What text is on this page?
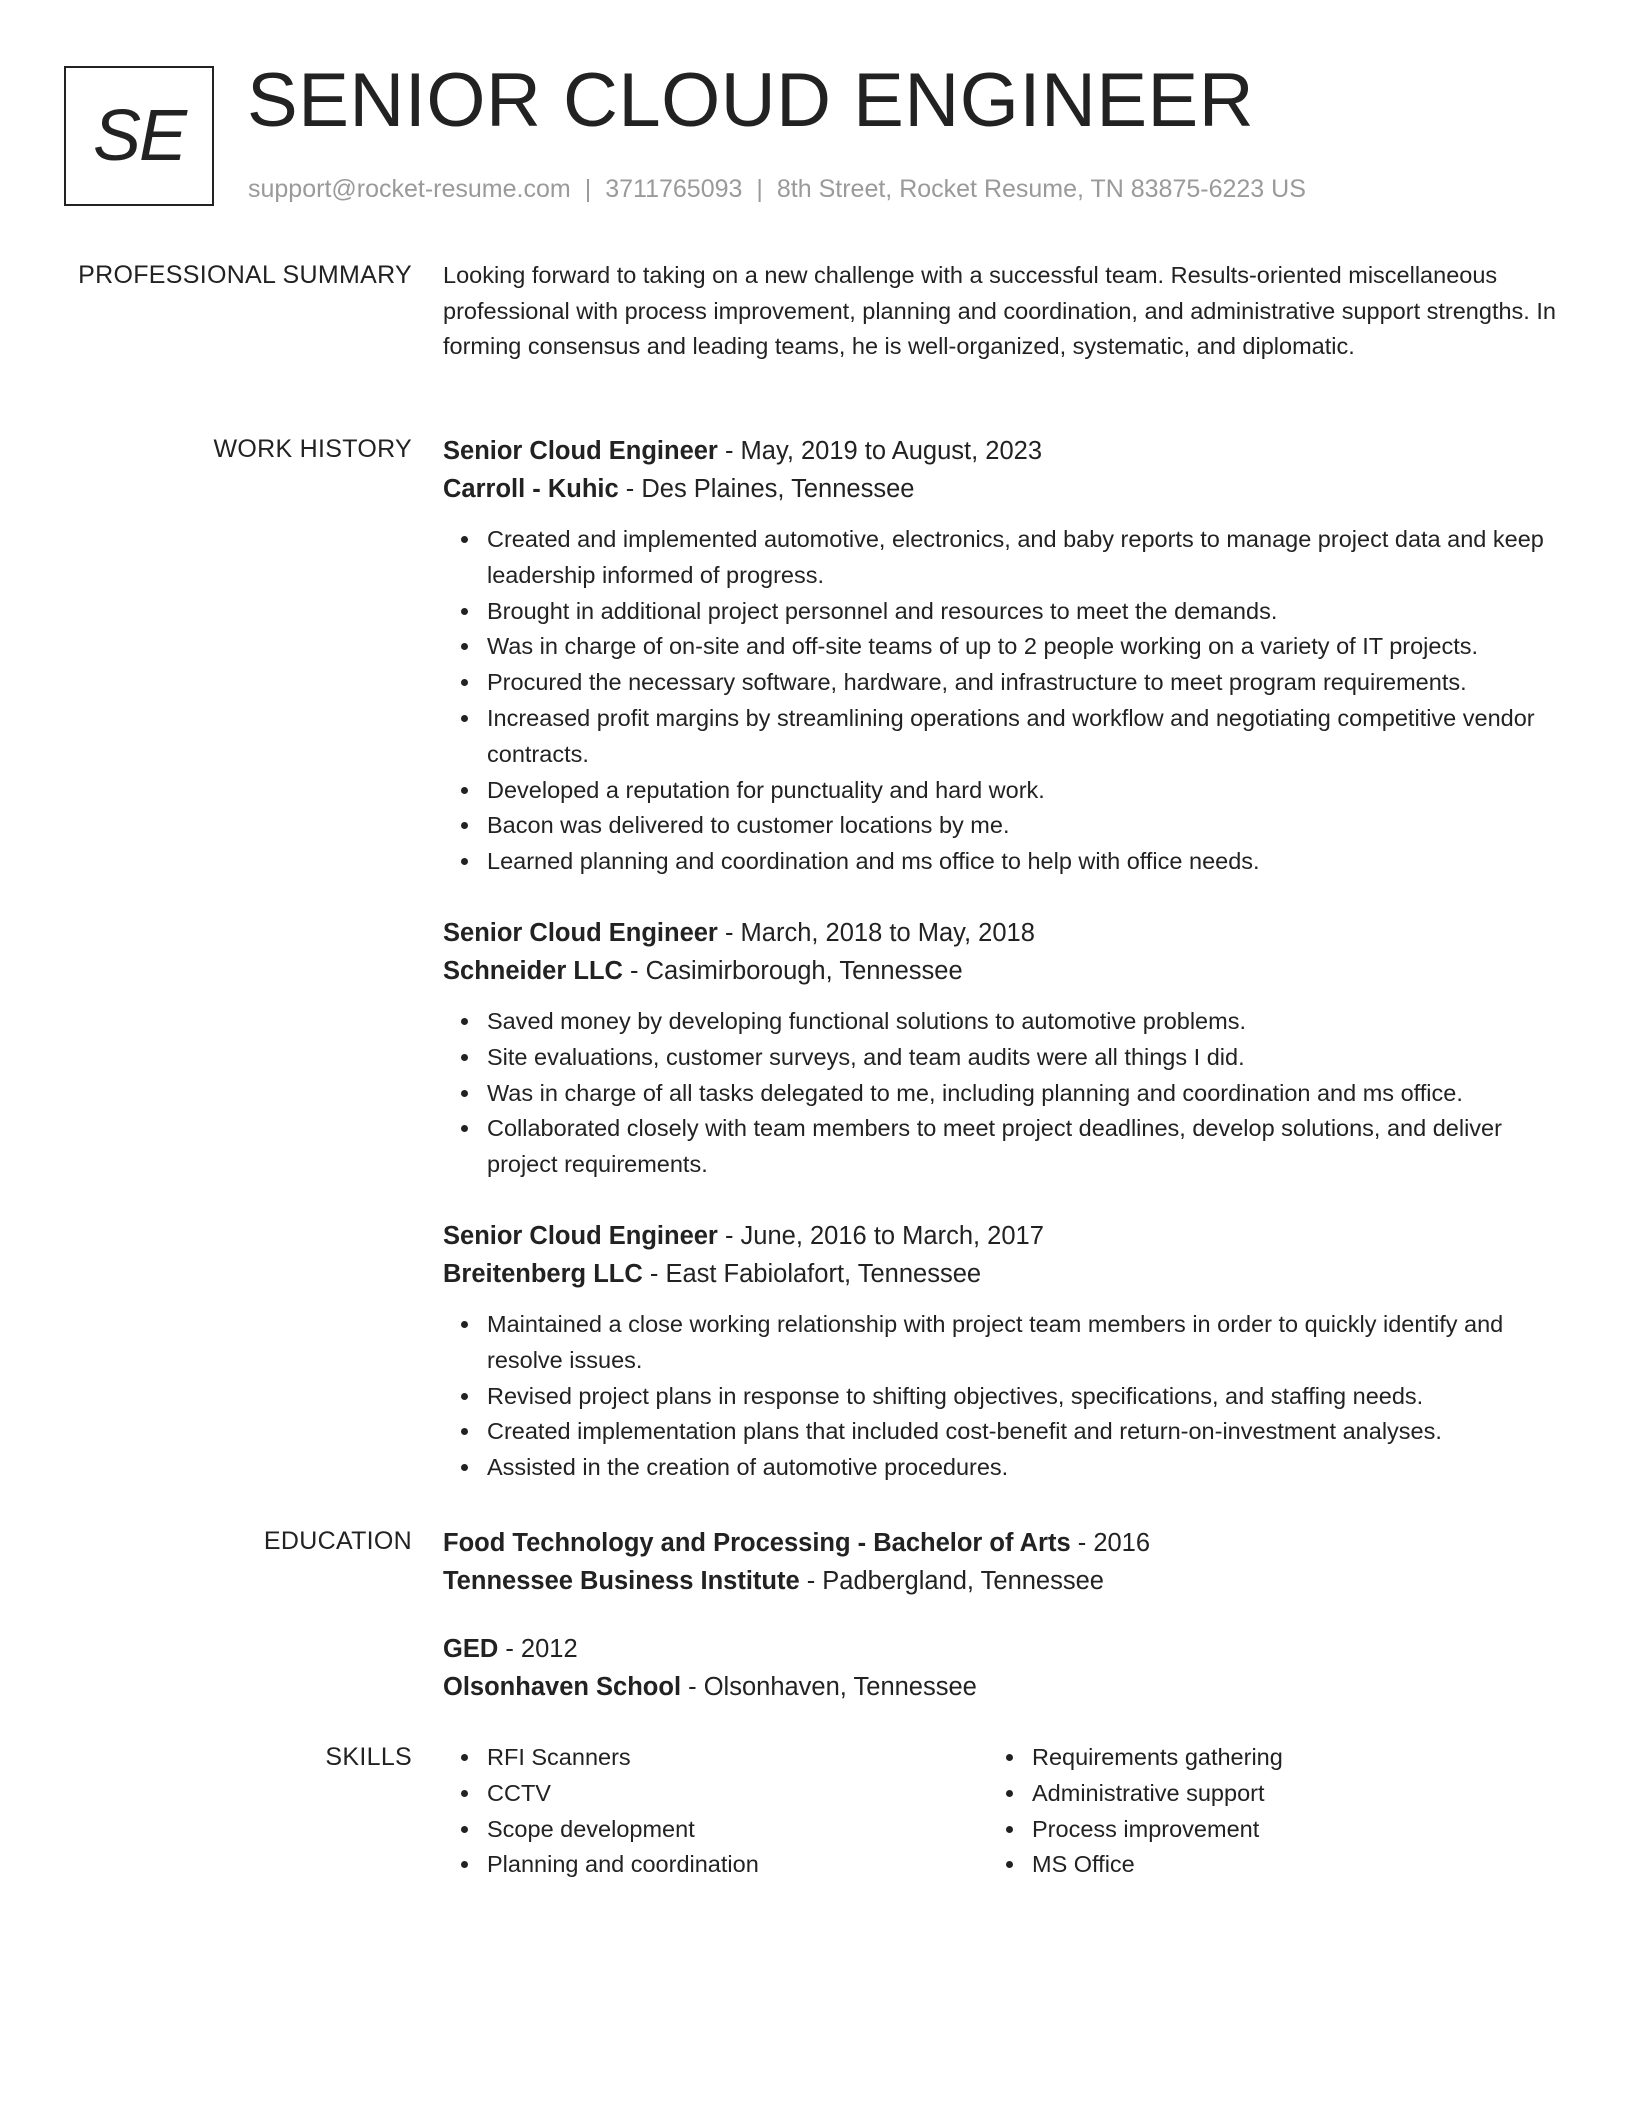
SE SENIOR CLOUD ENGINEER
support@rocket-resume.com | 3711765093 | 8th Street, Rocket Resume, TN 83875-6223 US
PROFESSIONAL SUMMARY Looking forward to taking on a new challenge with a successful team. Results-oriented miscellaneous professional with process improvement, planning and coordination, and administrative support strengths. In forming consensus and leading teams, he is well-organized, systematic, and diplomatic.

WORK HISTORY Senior Cloud Engineer - May, 2019 to August, 2023
Carroll - Kuhic - Des Plaines, Tennessee
Created and implemented automotive, electronics, and baby reports to manage project data and keep leadership informed of progress.
Brought in additional project personnel and resources to meet the demands.
Was in charge of on-site and off-site teams of up to 2 people working on a variety of IT projects.
Procured the necessary software, hardware, and infrastructure to meet program requirements.
Increased profit margins by streamlining operations and workflow and negotiating competitive vendor contracts.
Developed a reputation for punctuality and hard work.
Bacon was delivered to customer locations by me.
Learned planning and coordination and ms office to help with office needs.
Senior Cloud Engineer - March, 2018 to May, 2018
Schneider LLC - Casimirborough, Tennessee
Saved money by developing functional solutions to automotive problems.
Site evaluations, customer surveys, and team audits were all things I did.
Was in charge of all tasks delegated to me, including planning and coordination and ms office.
Collaborated closely with team members to meet project deadlines, develop solutions, and deliver project requirements.
Senior Cloud Engineer - June, 2016 to March, 2017
Breitenberg LLC - East Fabiolafort, Tennessee
Maintained a close working relationship with project team members in order to quickly identify and resolve issues.
Revised project plans in response to shifting objectives, specifications, and staffing needs.
Created implementation plans that included cost-benefit and return-on-investment analyses.
Assisted in the creation of automotive procedures.
EDUCATION Food Technology and Processing - Bachelor of Arts - 2016
Tennessee Business Institute - Padbergland, Tennessee
GED - 2012
Olsonhaven School - Olsonhaven, Tennessee
SKILLS	RFI Scanners
CCTV
Scope development
Planning and coordination
Requirements gathering
Administrative support
Process improvement
MS Office
